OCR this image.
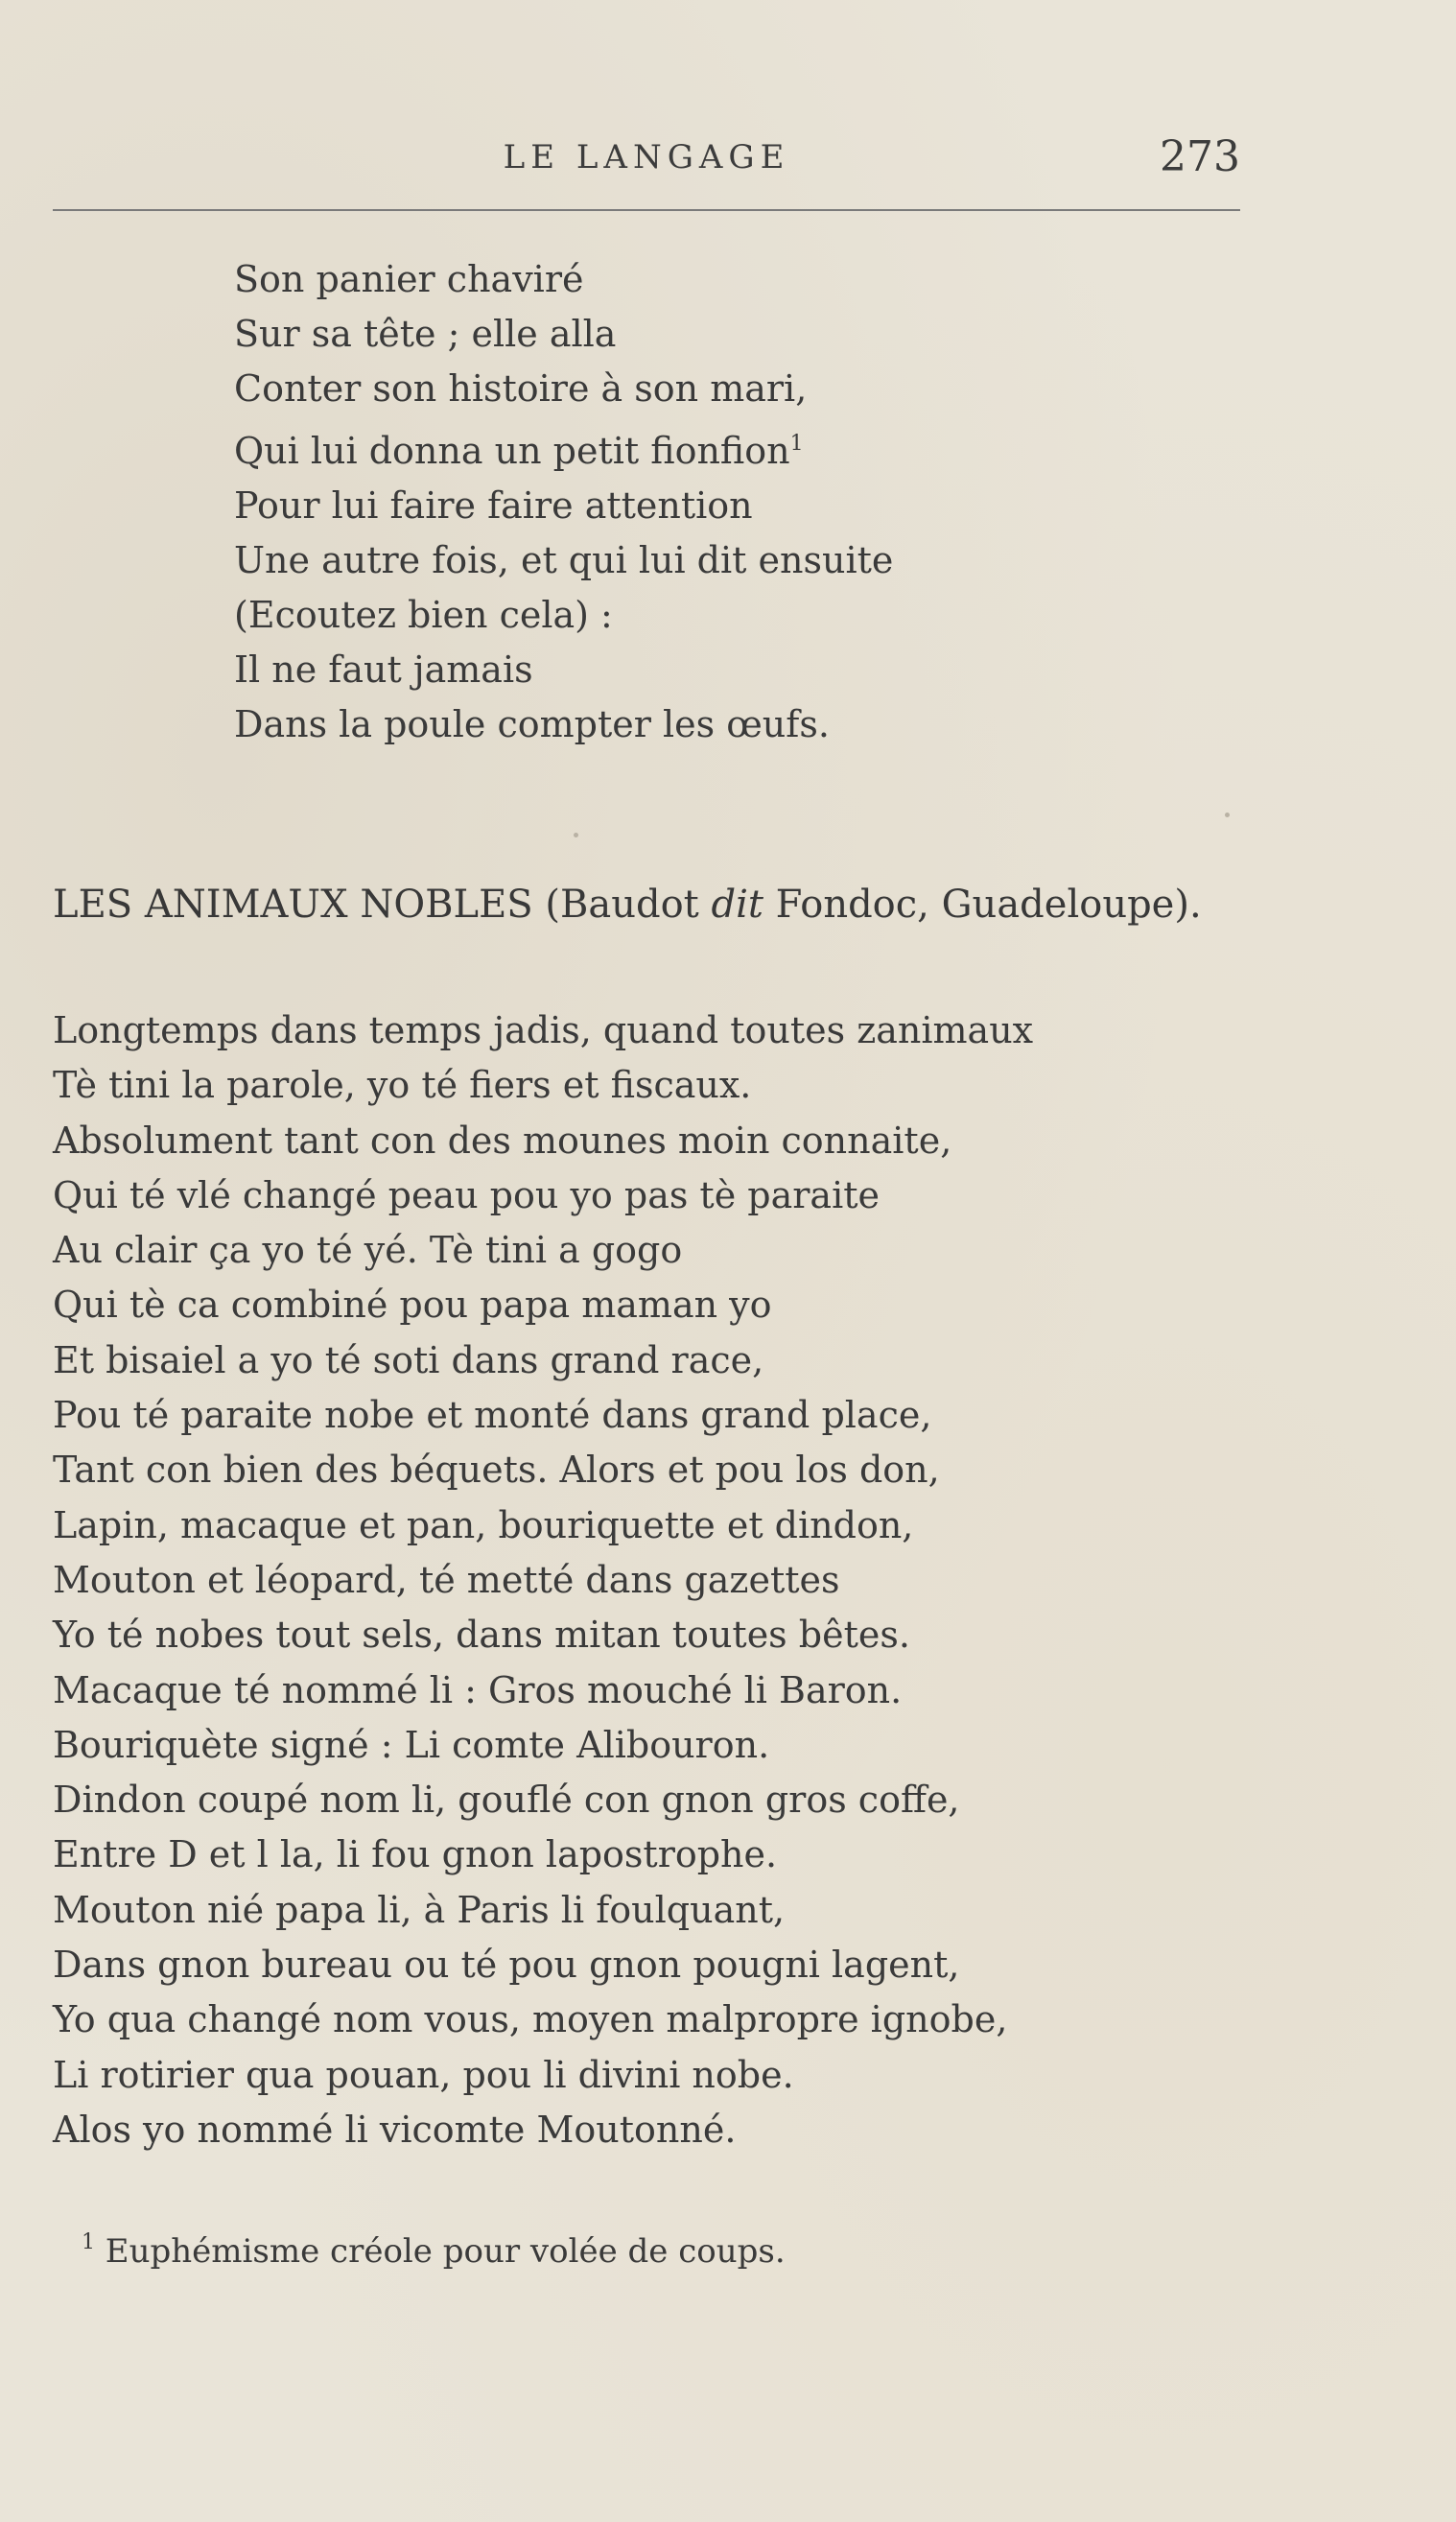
LE LANGAGE	273
Son panier chaviré
Sur sa tête ; elle alla
Conter son histoire à son mari,
Qui lui donna un petit fionfion$^1$
Pour lui faire faire attention
Une autre fois, et qui lui dit ensuite
(Ecoutez bien cela) :
Il ne faut jamais
Dans la poule compter les œufs.
LES ANIMAUX NOBLES (Baudot dit Fondoc, Guadeloupe).
Longtemps dans temps jadis, quand toutes zanimaux
Tè tini la parole, yo té fiers et fiscaux.
Absolument tant con des mounes moin connaite,
Qui té vlé changé peau pou yo pas tè paraite
Au clair ça yo té yé. Tè tini a gogo
Qui tè ca combiné pou papa maman yo
Et bisaiel a yo té soti dans grand race,
Pou té paraite nobe et monté dans grand place,
Tant con bien des béquets. Alors et pou los don,
Lapin, macaque et pan, bouriquette et dindon,
Mouton et léopard, té metté dans gazettes
Yo té nobes tout sels, dans mitan toutes bêtes.
Macaque té nommé li : Gros mouché li Baron.
Bouriquète signé : Li comte Alibouron.
Dindon coupé nom li, gouflé con gnon gros coffe,
Entre D et l la, li fou gnon lapostrophe.
Mouton nié papa li, à Paris li foulquant,
Dans gnon bureau ou té pou gnon pougni lagent,
Yo qua changé nom vous, moyen malpropre ignobe,
Li rotirier qua pouan, pou li divini nobe.
Alos yo nommé li vicomte Moutonné.
$^1$ Euphémisme créole pour volée de coups.
